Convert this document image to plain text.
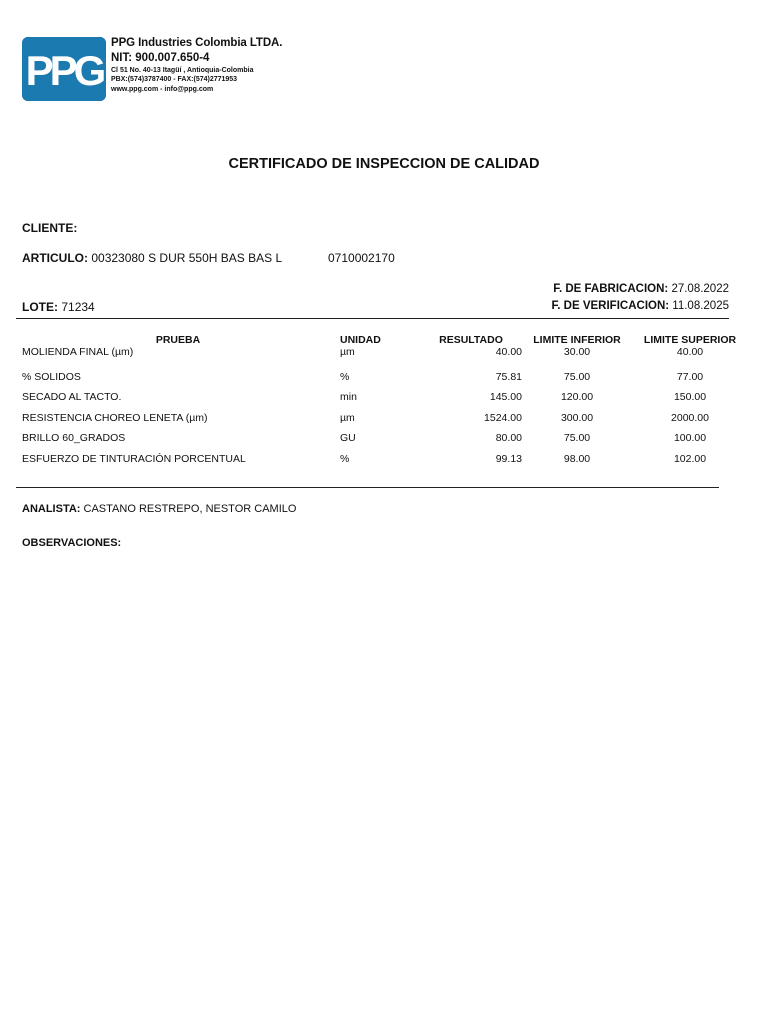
PPG
PPG Industries Colombia LTDA.
NIT: 900.007.650-4
Cl 51 No. 40-13 Itagüí , Antioquia-Colombia
PBX:(574)3787400 - FAX:(574)2771953
www.ppg.com - info@ppg.com
CERTIFICADO DE INSPECCION DE CALIDAD
CLIENTE:
ARTICULO: 00323080 S DUR 550H BAS BAS L	0710002170
F. DE FABRICACION: 27.08.2022
F. DE VERIFICACION: 11.08.2025
LOTE: 71234
PRUEBA	UNIDAD	RESULTADO	LIMITE INFERIOR	LIMITE SUPERIOR
MOLIENDA FINAL (µm)	µm	40.00	30.00	40.00
% SOLIDOS	%	75.81	75.00	77.00
SECADO AL TACTO.	min	145.00	120.00	150.00
RESISTENCIA CHOREO LENETA (µm)	µm	1524.00	300.00	2000.00
BRILLO 60_GRADOS	GU	80.00	75.00	100.00
ESFUERZO DE TINTURACIÓN PORCENTUAL	%	99.13	98.00	102.00
ANALISTA: CASTANO RESTREPO, NESTOR CAMILO
OBSERVACIONES:
